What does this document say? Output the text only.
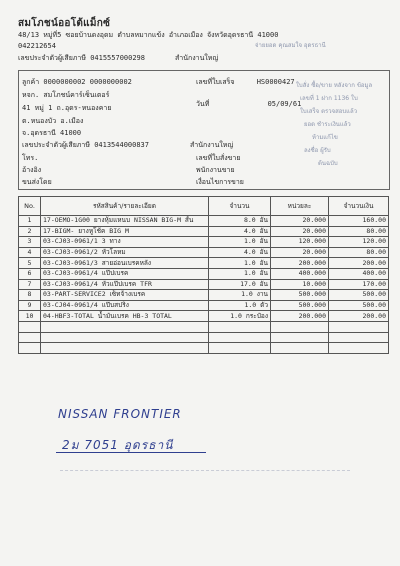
สมโภชน์ออโต้แม็กซ์
48/13 หมู่ที่5 ซอยบ้านดงอุดม ตำบลหมากแข้ง อำเภอเมือง จังหวัดอุดรธานี 41000
042212654
เลขประจำตัวผู้เสียภาษี 0415557000298	สำนักงานใหญ่
จ่ายยอด คุณสมใจ อุดรธานี
ลูกค้า 0000000002 0000000002
หจก. สมโภชน์คาร์เซ็นเตอร์
41 หมู่ 1 ถ.อุดร-หนองคาย
ต.หนองบัว อ.เมือง
จ.อุดรธานี 41000
เลขประจำตัวผู้เสียภาษี 0413544000837	สำนักงานใหญ่
โทร.
อ้างอิง
ขนส่งโดย
เลขที่ใบเสร็จ	HS0000427
วันที่	05/09/61
เลขที่ใบสั่งขาย
พนักงานขาย
เงื่อนไขการขาย
ใบสั่ง ซื้อ/ขาย หลังจาก ข้อมูล
เลขที่ 1 ฝาก 1136 ใบ
ใบเสร็จ ตรวจสอบแล้ว
ยอด ชำระเงินแล้ว
ห้ามแก้ไข
ลงชื่อ ผู้รับ
ต้นฉบับ
No.	รหัสสินค้า/รายละเอียด	จำนวน	หน่วยละ	จำนวนเงิน
1	17-OEMO-1G00 ยางหุ้มแหนบ NISSAN BIG-M สั้น	8.0 อัน	20.000	160.00
2	17-BIGM- ยางหูโช้ค BIG M	4.0 อัน	20.000	80.00
3	03-CJ03-0961/1 3 ทาง	1.0 อัน	120.000	120.00
4	03-CJ03-0961/2 หัวโลหม	4.0 อัน	20.000	80.00
5	03-CJ03-0961/3 สายอ่อนเบรคหลัง	1.0 อัน	200.000	200.00
6	03-CJ03-0961/4 แป๊ปเบรค	1.0 อัน	400.000	400.00
7	03-CJ03-0961/4 หัวแป๊ปเบรค TFR	17.0 อัน	10.000	170.00
8	03-PART-SERVICE2 เซ็ทจ้างเบรค	1.0 งาน	500.000	500.00
9	03-CJ04-0961/4 แป๊บสปริง	1.0 ตัว	500.000	500.00
10	04-HBF3-TOTAL น้ำมันเบรค HB-3 TOTAL	1.0 กระป๋อง	200.000	200.00

NISSAN FRONTIER
2ม 7051 อุดรธานี
